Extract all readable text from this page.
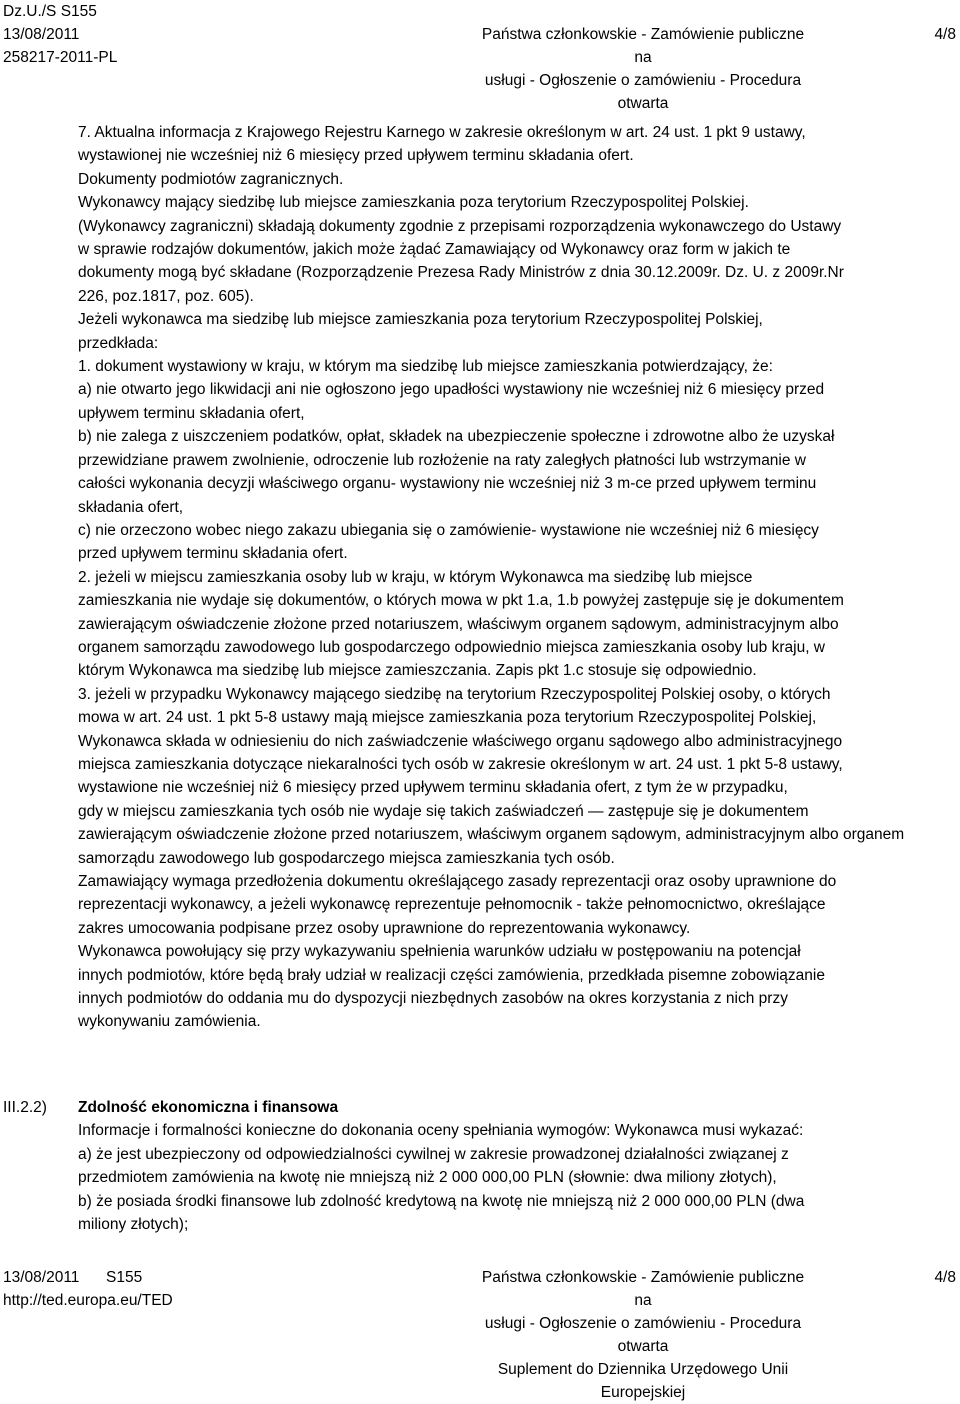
Dz.U./S S155
13/08/2011
258217-2011-PL
Państwa członkowskie - Zamówienie publiczne na
usługi - Ogłoszenie o zamówieniu - Procedura otwarta
4/8

7. Aktualna informacja z Krajowego Rejestru Karnego w zakresie określonym w art. 24 ust. 1 pkt 9 ustawy,

wystawionej nie wcześniej niż 6 miesięcy przed upływem terminu składania ofert.

Dokumenty podmiotów zagranicznych.

Wykonawcy mający siedzibę lub miejsce zamieszkania poza terytorium Rzeczypospolitej Polskiej.

(Wykonawcy zagraniczni) składają dokumenty zgodnie z przepisami rozporządzenia wykonawczego do Ustawy

w sprawie rodzajów dokumentów, jakich może żądać Zamawiający od Wykonawcy oraz form w jakich te

dokumenty mogą być składane (Rozporządzenie Prezesa Rady Ministrów z dnia 30.12.2009r. Dz. U. z 2009r.Nr

226, poz.1817, poz. 605).

Jeżeli wykonawca ma siedzibę lub miejsce zamieszkania poza terytorium Rzeczypospolitej Polskiej,

przedkłada:

1. dokument wystawiony w kraju, w którym ma siedzibę lub miejsce zamieszkania potwierdzający, że:

a) nie otwarto jego likwidacji ani nie ogłoszono jego upadłości wystawiony nie wcześniej niż 6 miesięcy przed

upływem terminu składania ofert,

b) nie zalega z uiszczeniem podatków, opłat, składek na ubezpieczenie społeczne i zdrowotne albo że uzyskał

przewidziane prawem zwolnienie, odroczenie lub rozłożenie na raty zaległych płatności lub wstrzymanie w

całości wykonania decyzji właściwego organu- wystawiony nie wcześniej niż 3 m-ce przed upływem terminu

składania ofert,

c) nie orzeczono wobec niego zakazu ubiegania się o zamówienie- wystawione nie wcześniej niż 6 miesięcy

przed upływem terminu składania ofert.

2. jeżeli w miejscu zamieszkania osoby lub w kraju, w którym Wykonawca ma siedzibę lub miejsce

zamieszkania nie wydaje się dokumentów, o których mowa w pkt 1.a, 1.b powyżej zastępuje się je dokumentem

zawierającym oświadczenie złożone przed notariuszem, właściwym organem sądowym, administracyjnym albo

organem samorządu zawodowego lub gospodarczego odpowiednio miejsca zamieszkania osoby lub kraju, w

którym Wykonawca ma siedzibę lub miejsce zamieszczania. Zapis pkt 1.c stosuje się odpowiednio.

3. jeżeli w przypadku Wykonawcy mającego siedzibę na terytorium Rzeczypospolitej Polskiej osoby, o których

mowa w art. 24 ust. 1 pkt 5-8 ustawy mają miejsce zamieszkania poza terytorium Rzeczypospolitej Polskiej,

Wykonawca składa w odniesieniu do nich zaświadczenie właściwego organu sądowego albo administracyjnego

miejsca zamieszkania dotyczące niekaralności tych osób w zakresie określonym w art. 24 ust. 1 pkt 5-8 ustawy,

wystawione nie wcześniej niż 6 miesięcy przed upływem terminu składania ofert, z tym że w przypadku,

gdy w miejscu zamieszkania tych osób nie wydaje się takich zaświadczeń — zastępuje się je dokumentem

zawierającym oświadczenie złożone przed notariuszem, właściwym organem sądowym, administracyjnym albo organem

samorządu zawodowego lub gospodarczego miejsca zamieszkania tych osób.

Zamawiający wymaga przedłożenia dokumentu określającego zasady reprezentacji oraz osoby uprawnione do

reprezentacji wykonawcy, a jeżeli wykonawcę reprezentuje pełnomocnik - także pełnomocnictwo, określające

zakres umocowania podpisane przez osoby uprawnione do reprezentowania wykonawcy.

Wykonawca powołujący się przy wykazywaniu spełnienia warunków udziału w postępowaniu na potencjał

innych podmiotów, które będą brały udział w realizacji części zamówienia, przedkłada pisemne zobowiązanie

innych podmiotów do oddania mu do dyspozycji niezbędnych zasobów na okres korzystania z nich przy

wykonywaniu zamówienia.

III.2.2) Zdolność ekonomiczna i finansowa

Informacje i formalności konieczne do dokonania oceny spełniania wymogów: Wykonawca musi wykazać:

a) że jest ubezpieczony od odpowiedzialności cywilnej w zakresie prowadzonej działalności związanej z

przedmiotem zamówienia na kwotę nie mniejszą niż 2 000 000,00 PLN (słownie: dwa miliony złotych),

b) że posiada środki finansowe lub zdolność kredytową na kwotę nie mniejszą niż 2 000 000,00 PLN (dwa

miliony złotych);

13/08/2011 S155
http://ted.europa.eu/TED
Państwa członkowskie - Zamówienie publiczne na
usługi - Ogłoszenie o zamówieniu - Procedura otwarta
Suplement do Dziennika Urzędowego Unii Europejskiej
4/8
